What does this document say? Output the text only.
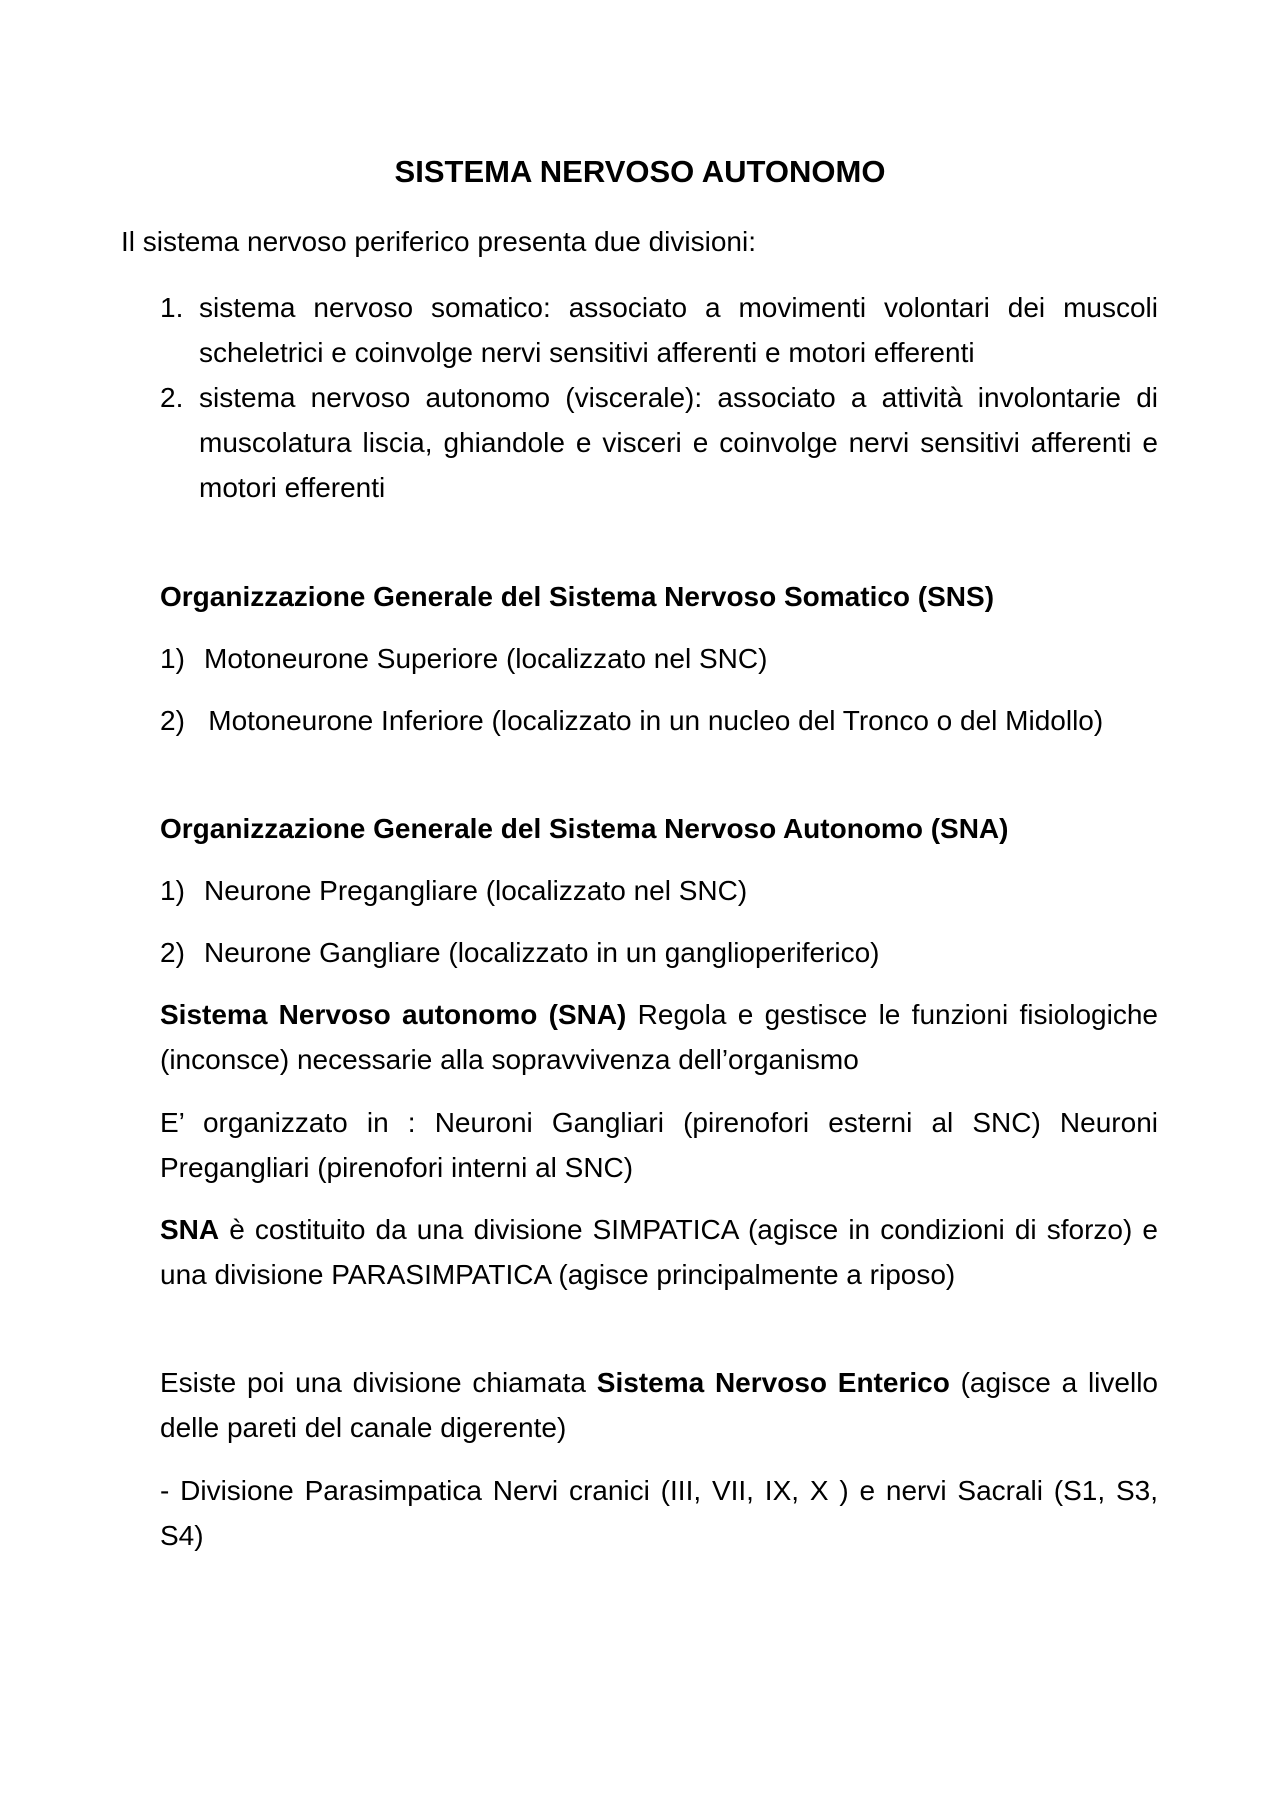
SISTEMA NERVOSO AUTONOMO
Il sistema nervoso periferico presenta due divisioni:
1. sistema nervoso somatico: associato a movimenti volontari dei muscoli scheletrici e coinvolge nervi sensitivi afferenti e motori efferenti
2. sistema nervoso autonomo (viscerale): associato a attività involontarie di muscolatura liscia, ghiandole e visceri e coinvolge nervi sensitivi afferenti e motori efferenti
Organizzazione Generale del Sistema Nervoso Somatico (SNS)
1) Motoneurone Superiore (localizzato nel SNC)
2) Motoneurone Inferiore (localizzato in un nucleo del Tronco o del Midollo)
Organizzazione Generale del Sistema Nervoso Autonomo (SNA)
1) Neurone Pregangliare (localizzato nel SNC)
2) Neurone Gangliare (localizzato in un ganglioperiferico)
Sistema Nervoso autonomo (SNA) Regola e gestisce le funzioni fisiologiche (inconsce) necessarie alla sopravvivenza dell’organismo
E’ organizzato in : Neuroni Gangliari (pirenofori esterni al SNC) Neuroni Pregangliari (pirenofori interni al SNC)
SNA è costituito da una divisione SIMPATICA (agisce in condizioni di sforzo) e una divisione PARASIMPATICA (agisce principalmente a riposo)
Esiste poi una divisione chiamata Sistema Nervoso Enterico (agisce a livello delle pareti del canale digerente)
- Divisione Parasimpatica Nervi cranici (III, VII, IX, X ) e nervi Sacrali (S1, S3, S4)
